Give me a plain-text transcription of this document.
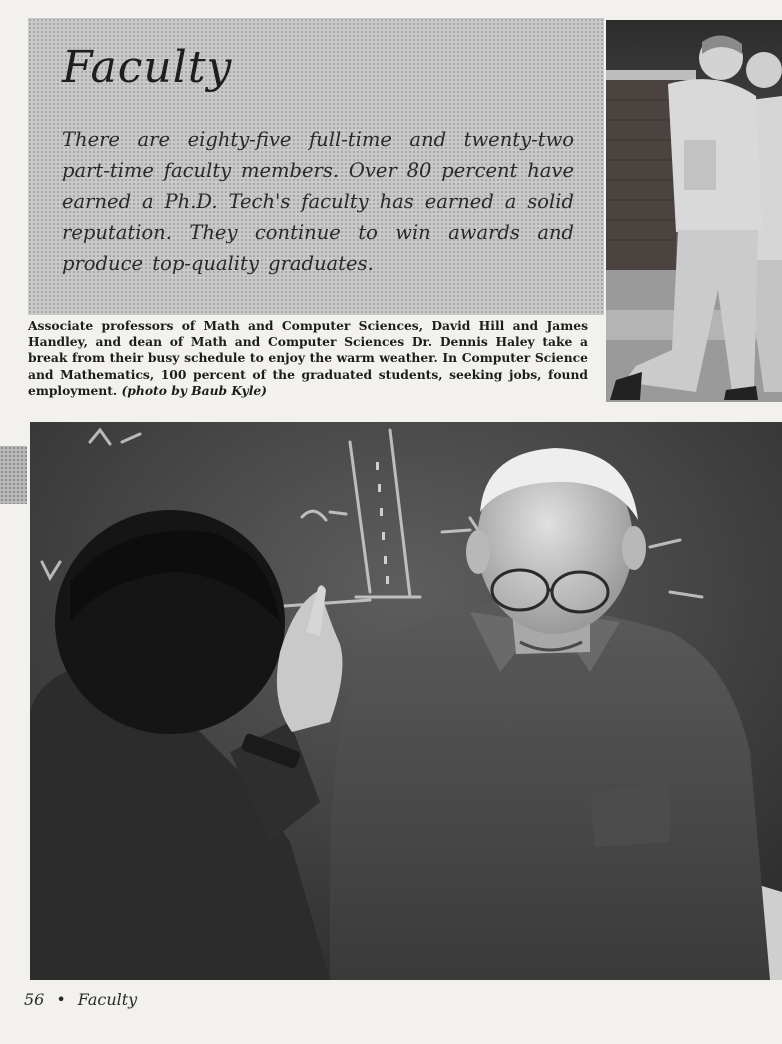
Faculty

There are eighty-five full-time and twenty-two part-time faculty members. Over 80 percent have earned a Ph.D. Tech's faculty has earned a solid reputation. They continue to win awards and produce top-quality graduates.

Associate professors of Math and Computer Sciences, David Hill and James Handley, and dean of Math and Computer Sciences Dr. Dennis Haley take a break from their busy schedule to enjoy the warm weather. In Computer Science and Mathematics, 100 percent of the graduated students, seeking jobs, found employment. (photo by Baub Kyle)

56 • Faculty
